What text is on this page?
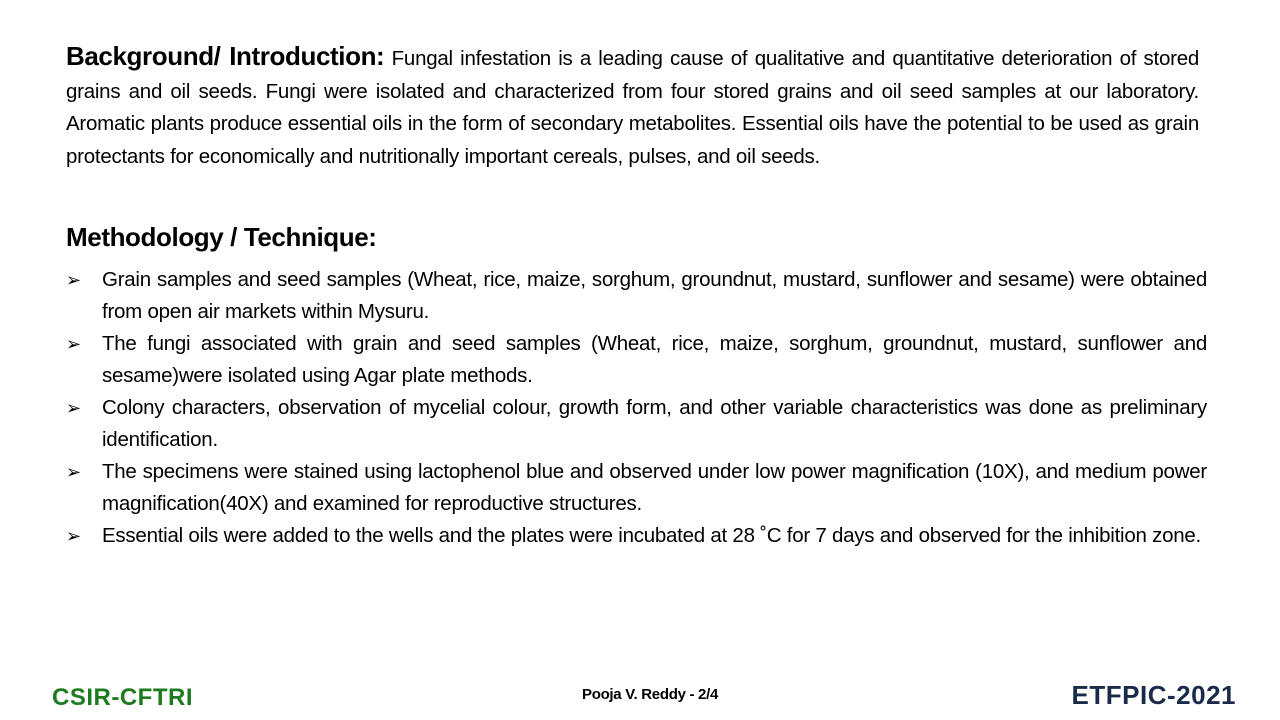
Background/ Introduction: Fungal infestation is a leading cause of qualitative and quantitative deterioration of stored grains and oil seeds. Fungi were isolated and characterized from four stored grains and oil seed samples at our laboratory. Aromatic plants produce essential oils in the form of secondary metabolites. Essential oils have the potential to be used as grain protectants for economically and nutritionally important cereals, pulses, and oil seeds.

Methodology / Technique:
➢ Grain samples and seed samples (Wheat, rice, maize, sorghum, groundnut, mustard, sunflower and sesame) were obtained from open air markets within Mysuru.
➢ The fungi associated with grain and seed samples (Wheat, rice, maize, sorghum, groundnut, mustard, sunflower and sesame)were isolated using Agar plate methods.
➢ Colony characters, observation of mycelial colour, growth form, and other variable characteristics was done as preliminary identification.
➢ The specimens were stained using lactophenol blue and observed under low power magnification (10X), and medium power magnification(40X) and examined for reproductive structures.
➢ Essential oils were added to the wells and the plates were incubated at 28 ˚C for 7 days and observed for the inhibition zone.
CSIR-CFTRI	Pooja V. Reddy - 2/4	ETFPIC-2021
